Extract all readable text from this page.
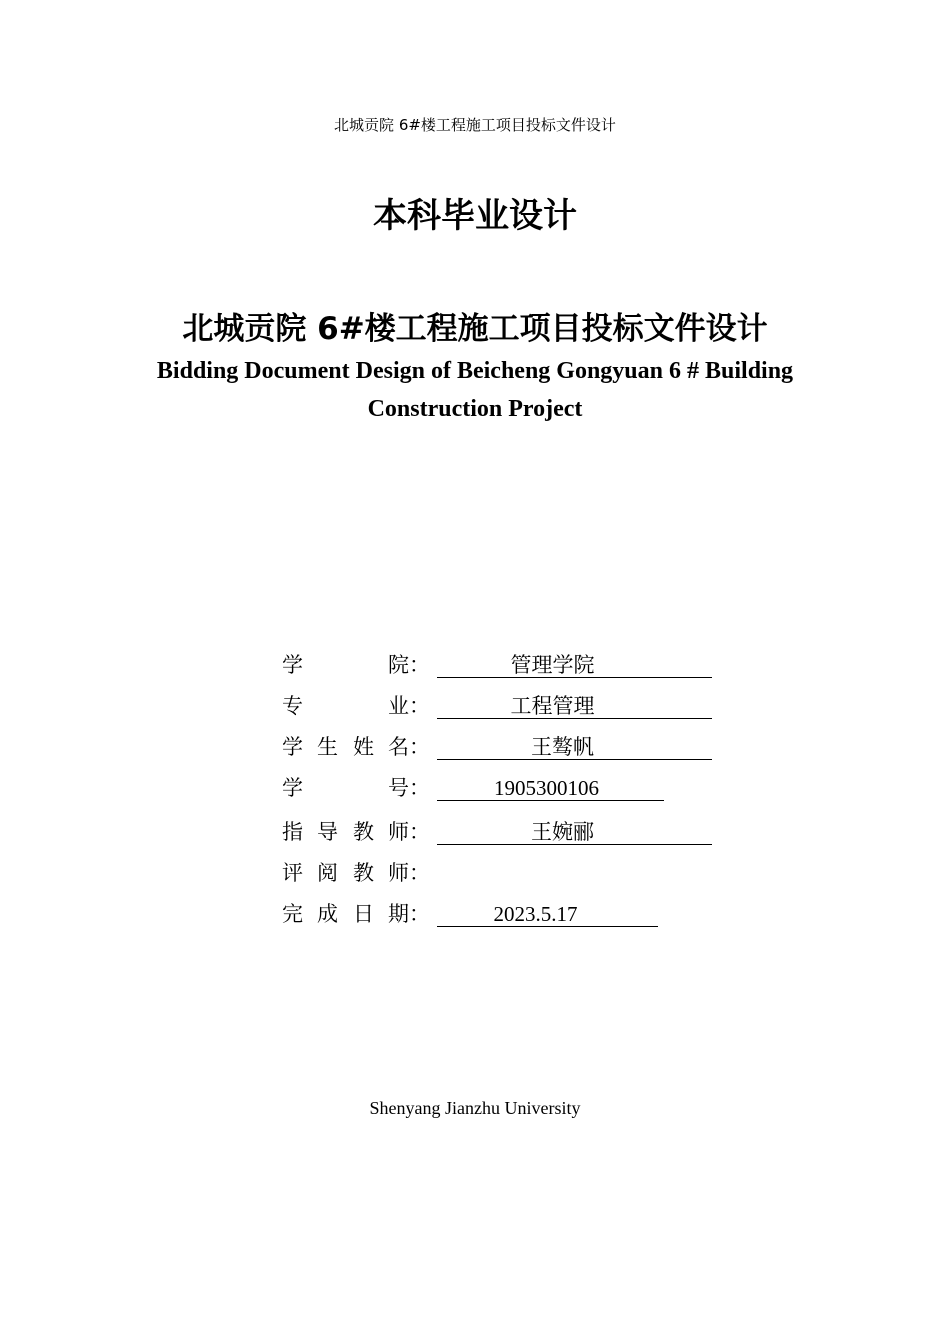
北城贡院 6#楼工程施工项目投标文件设计
本科毕业设计
北城贡院 6#楼工程施工项目投标文件设计
Bidding Document Design of Beicheng Gongyuan 6 # Building Construction Project
学	院：	管理学院
专	业：	工程管理
学 生 姓 名：	王骜帆
学	号：	1905300106
指 导 教 师：	王婉郦
评 阅 教 师：
完 成 日 期：	2023.5.17
Shenyang Jianzhu University
